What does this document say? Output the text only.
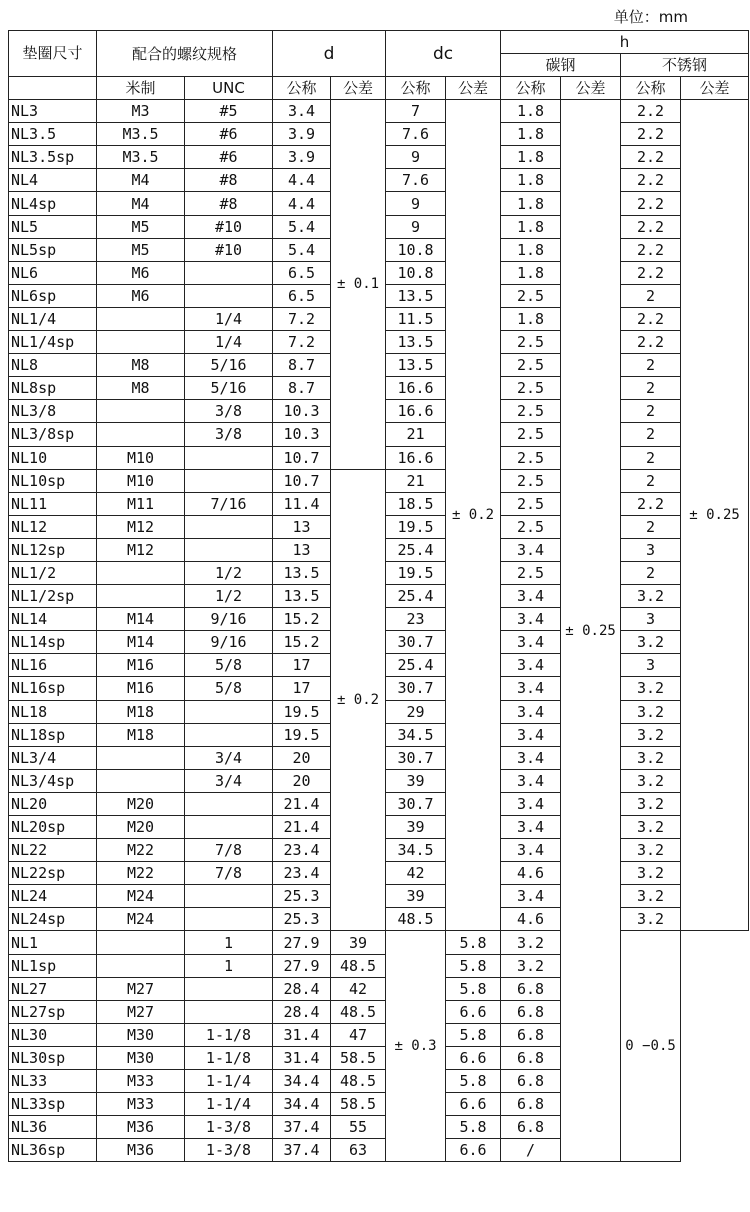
单位：mm
垫圈尺寸	配合的螺纹规格		d		dc		h			
							碳钢		不锈钢	
	米制	UNC	公称	公差	公称	公差	公称	公差	公称	公差
NL3	M3	#5	3.4	± 0.1	7	± 0.2	1.8	± 0.25	2.2	± 0.25
NL3.5	M3.5	#6	3.9		7.6		1.8		2.2	
NL3.5sp	M3.5	#6	3.9		9		1.8		2.2	
NL4	M4	#8	4.4		7.6		1.8		2.2	
NL4sp	M4	#8	4.4		9		1.8		2.2	
NL5	M5	#10	5.4		9		1.8		2.2	
NL5sp	M5	#10	5.4		10.8		1.8		2.2	
NL6	M6		6.5		10.8		1.8		2.2	
NL6sp	M6		6.5		13.5		2.5		2	
NL1/4		1/4	7.2		11.5		1.8		2.2	
NL1/4sp		1/4	7.2		13.5		2.5		2.2	
NL8	M8	5/16	8.7		13.5		2.5		2	
NL8sp	M8	5/16	8.7		16.6		2.5		2	
NL3/8		3/8	10.3		16.6		2.5		2	
NL3/8sp		3/8	10.3		21		2.5		2	
NL10	M10		10.7		16.6		2.5		2	
NL10sp	M10		10.7	± 0.2	21		2.5		2	
NL11	M11	7/16	11.4		18.5		2.5		2.2	
NL12	M12		13		19.5		2.5		2	
NL12sp	M12		13		25.4		3.4		3	
NL1/2		1/2	13.5		19.5		2.5		2	
NL1/2sp		1/2	13.5		25.4		3.4		3.2	
NL14	M14	9/16	15.2		23		3.4		3	
NL14sp	M14	9/16	15.2		30.7		3.4		3.2	
NL16	M16	5/8	17		25.4		3.4		3	
NL16sp	M16	5/8	17		30.7		3.4		3.2	
NL18	M18		19.5		29		3.4		3.2	
NL18sp	M18		19.5		34.5		3.4		3.2	
NL3/4		3/4	20		30.7		3.4		3.2	
NL3/4sp		3/4	20		39		3.4		3.2	
NL20	M20		21.4		30.7		3.4		3.2	
NL20sp	M20		21.4		39		3.4		3.2	
NL22	M22	7/8	23.4		34.5		3.4		3.2	
NL22sp	M22	7/8	23.4		42		4.6		3.2	
NL24	M24		25.3		39		3.4		3.2	
NL24sp	M24		25.3		48.5		4.6		3.2	
NL1		1	27.9	39	± 0.3	5.8	3.2		0 −0.5	
NL1sp		1	27.9	48.5		5.8	3.2			
NL27	M27		28.4	42		5.8	6.8			
NL27sp	M27		28.4	48.5		6.6	6.8			
NL30	M30	1-1/8	31.4	47		5.8	6.8			
NL30sp	M30	1-1/8	31.4	58.5		6.6	6.8			
NL33	M33	1-1/4	34.4	48.5		5.8	6.8			
NL33sp	M33	1-1/4	34.4	58.5		6.6	6.8			
NL36	M36	1-3/8	37.4	55		5.8	6.8			
NL36sp	M36	1-3/8	37.4	63		6.6	/			
